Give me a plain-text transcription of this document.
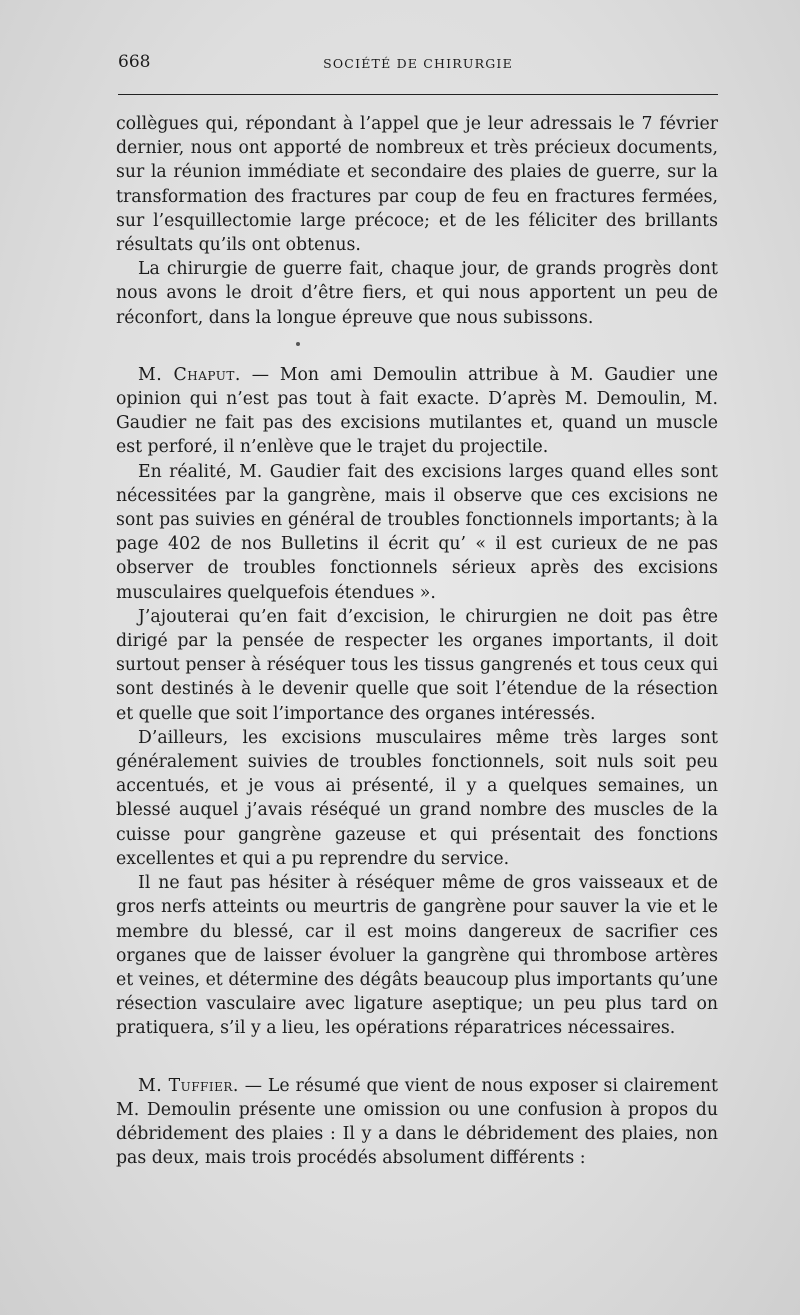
668	SOCIÉTÉ DE CHIRURGIE

collègues qui, répondant à l’appel que je leur adressais le 7 février dernier, nous ont apporté de nombreux et très précieux documents, sur la réunion immédiate et secondaire des plaies de guerre, sur la transformation des fractures par coup de feu en fractures fermées, sur l’esquillectomie large précoce; et de les féliciter des brillants résultats qu’ils ont obtenus.

La chirurgie de guerre fait, chaque jour, de grands progrès dont nous avons le droit d’être fiers, et qui nous apportent un peu de réconfort, dans la longue épreuve que nous subissons.

M. Chaput. — Mon ami Demoulin attribue à M. Gaudier une opinion qui n’est pas tout à fait exacte. D’après M. Demoulin, M. Gaudier ne fait pas des excisions mutilantes et, quand un muscle est perforé, il n’enlève que le trajet du projectile.

En réalité, M. Gaudier fait des excisions larges quand elles sont nécessitées par la gangrène, mais il observe que ces excisions ne sont pas suivies en général de troubles fonctionnels importants; à la page 402 de nos Bulletins il écrit qu’ « il est curieux de ne pas observer de troubles fonctionnels sérieux après des excisions musculaires quelquefois étendues ».

J’ajouterai qu’en fait d’excision, le chirurgien ne doit pas être dirigé par la pensée de respecter les organes importants, il doit surtout penser à réséquer tous les tissus gangrenés et tous ceux qui sont destinés à le devenir quelle que soit l’étendue de la résection et quelle que soit l’importance des organes intéressés.

D’ailleurs, les excisions musculaires même très larges sont généralement suivies de troubles fonctionnels, soit nuls soit peu accentués, et je vous ai présenté, il y a quelques semaines, un blessé auquel j’avais réséqué un grand nombre des muscles de la cuisse pour gangrène gazeuse et qui présentait des fonctions excellentes et qui a pu reprendre du service.

Il ne faut pas hésiter à réséquer même de gros vaisseaux et de gros nerfs atteints ou meurtris de gangrène pour sauver la vie et le membre du blessé, car il est moins dangereux de sacrifier ces organes que de laisser évoluer la gangrène qui thrombose artères et veines, et détermine des dégâts beaucoup plus importants qu’une résection vasculaire avec ligature aseptique; un peu plus tard on pratiquera, s’il y a lieu, les opérations réparatrices nécessaires.

M. Tuffier. — Le résumé que vient de nous exposer si clairement M. Demoulin présente une omission ou une confusion à propos du débridement des plaies : Il y a dans le débridement des plaies, non pas deux, mais trois procédés absolument différents :
